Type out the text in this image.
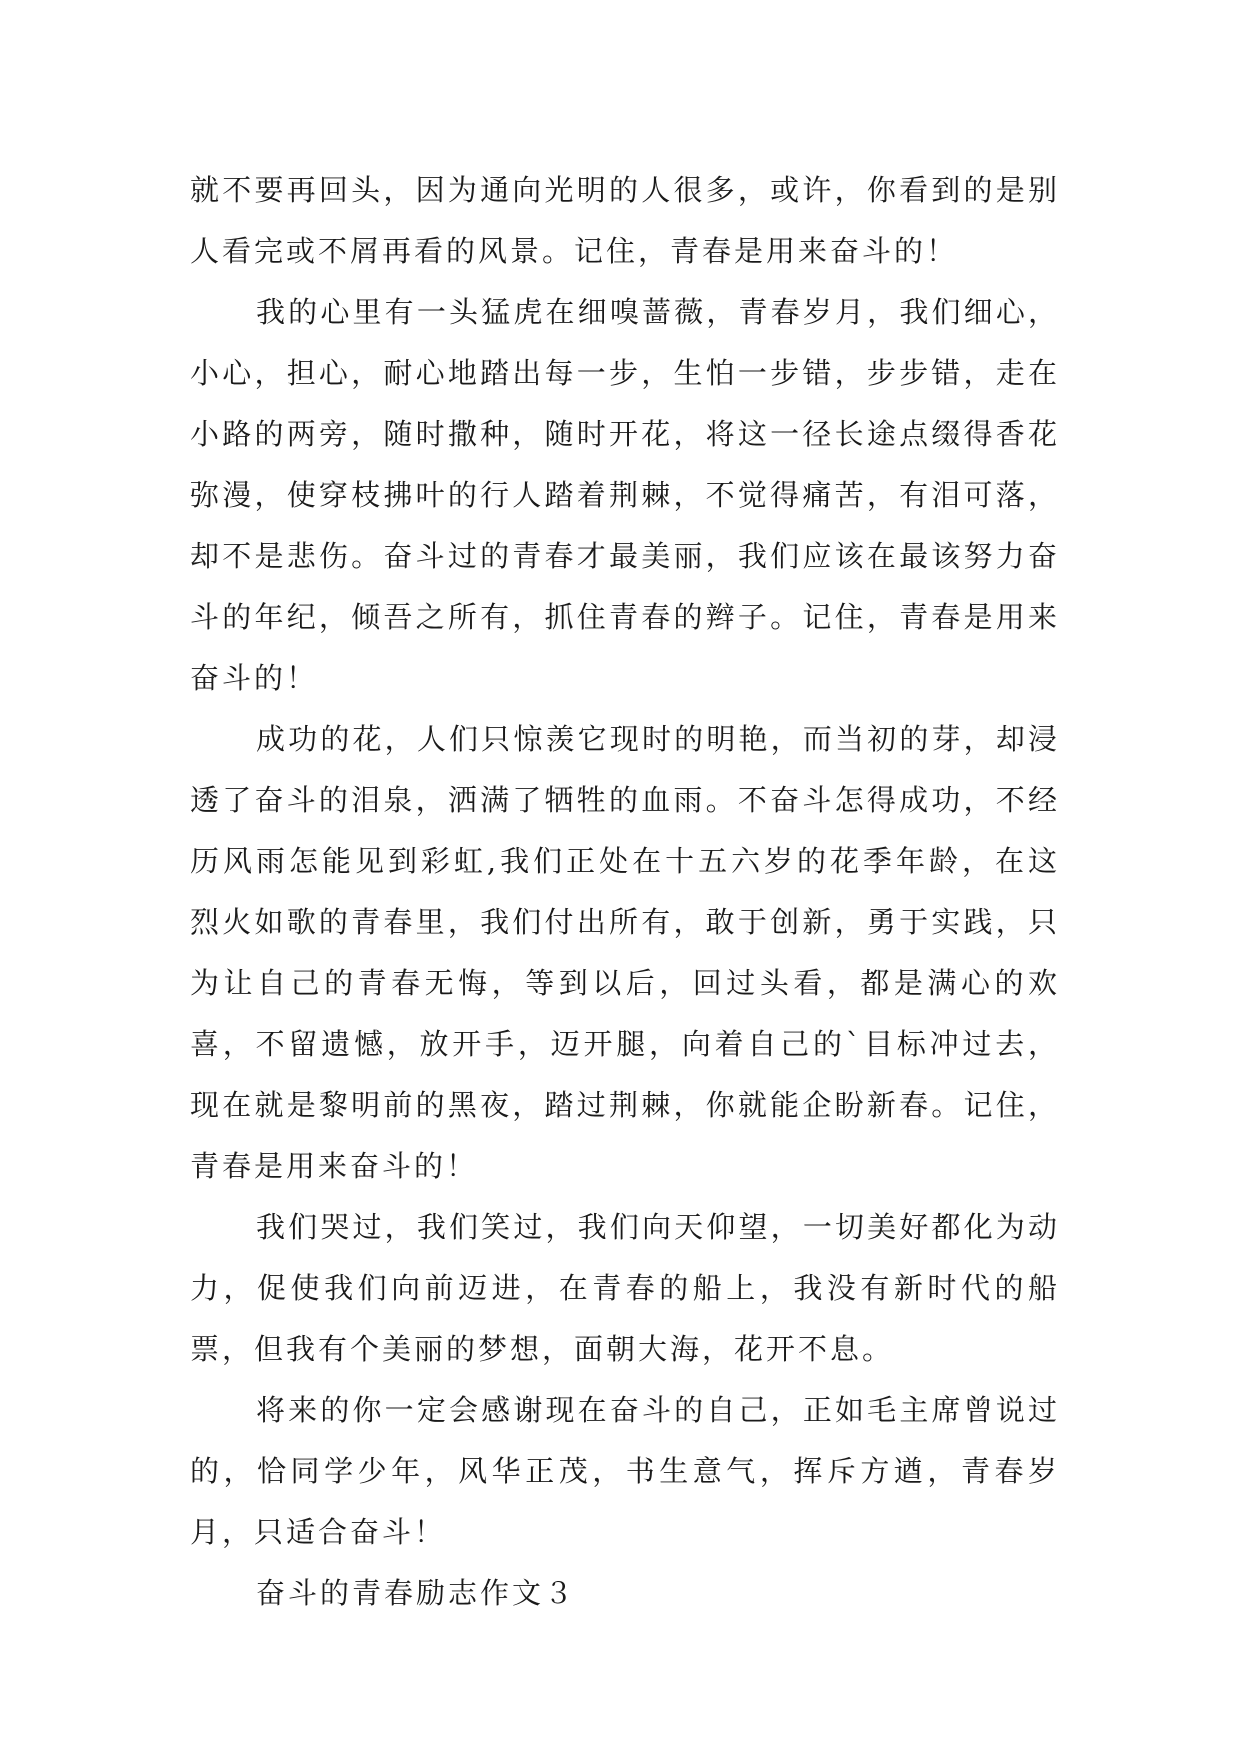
就不要再回头，因为通向光明的人很多，或许，你看到的是别人看完或不屑再看的风景。记住，青春是用来奋斗的！

我的心里有一头猛虎在细嗅蔷薇，青春岁月，我们细心，小心，担心，耐心地踏出每一步，生怕一步错，步步错，走在小路的两旁，随时撒种，随时开花，将这一径长途点缀得香花弥漫，使穿枝拂叶的行人踏着荆棘，不觉得痛苦，有泪可落，却不是悲伤。奋斗过的青春才最美丽，我们应该在最该努力奋斗的年纪，倾吾之所有，抓住青春的辫子。记住，青春是用来奋斗的！

成功的花，人们只惊羡它现时的明艳，而当初的芽，却浸透了奋斗的泪泉，洒满了牺牲的血雨。不奋斗怎得成功，不经历风雨怎能见到彩虹,我们正处在十五六岁的花季年龄，在这烈火如歌的青春里，我们付出所有，敢于创新，勇于实践，只为让自己的青春无悔，等到以后，回过头看，都是满心的欢喜，不留遗憾，放开手，迈开腿，向着自己的`目标冲过去，现在就是黎明前的黑夜，踏过荆棘，你就能企盼新春。记住，青春是用来奋斗的！

我们哭过，我们笑过，我们向天仰望，一切美好都化为动力，促使我们向前迈进，在青春的船上，我没有新时代的船票，但我有个美丽的梦想，面朝大海，花开不息。

将来的你一定会感谢现在奋斗的自己，正如毛主席曾说过的，恰同学少年，风华正茂，书生意气，挥斥方遒，青春岁月，只适合奋斗！

奋斗的青春励志作文３
